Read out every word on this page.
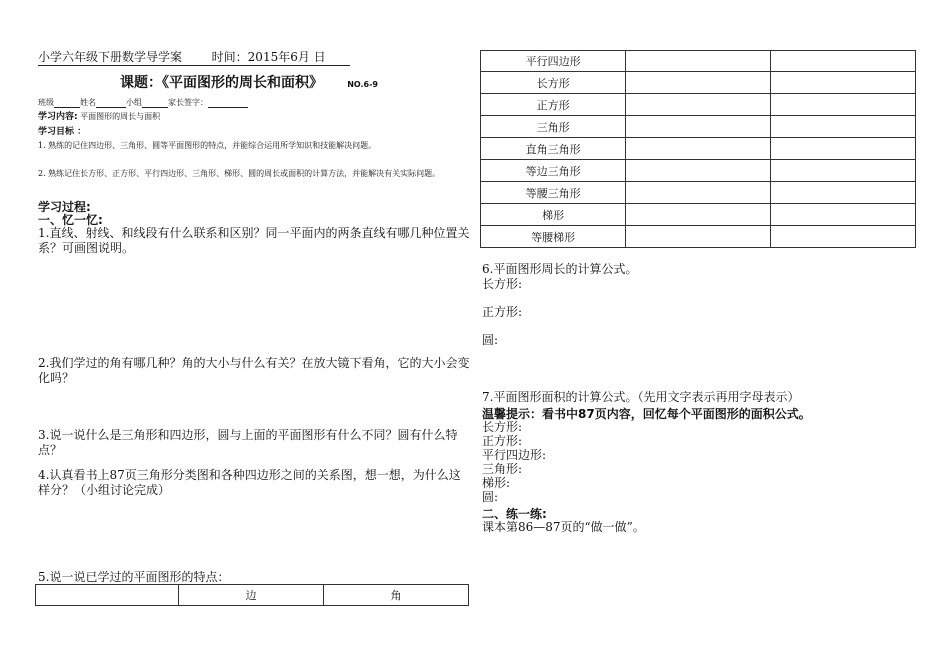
小学六年级下册数学导学案 时间：2015年6月 日
课题：《平面图形的周长和面积》	NO.6-9
班级	姓名	小组	家长签字：
学习内容: 平面图形的周长与面积
学习目标 ：
1. 熟练的记住四边形、三角形、圆等平面图形的特点，并能综合运用所学知识和技能解决问题。
2. 熟练记住长方形、正方形、平行四边形、三角形、梯形、圆的周长或面积的计算方法，并能解决有关实际问题。
学习过程:
一、忆一忆:
1.直线、射线、和线段有什么联系和区别？同一平面内的两条直线有哪几种位置关系？可画图说明。
2.我们学过的角有哪几种？角的大小与什么有关？在放大镜下看角，它的大小会变化吗？
3.说一说什么是三角形和四边形，圆与上面的平面图形有什么不同？圆有什么特点？
4.认真看书上87页三角形分类图和各种四边形之间的关系图，想一想，为什么这样分？（小组讨论完成）
5.说一说已学过的平面图形的特点：
	边	角
平行四边形		
长方形		
正方形		
三角形		
直角三角形		
等边三角形		
等腰三角形		
梯形		
等腰梯形		
6.平面图形周长的计算公式。
长方形:
正方形:
圆:
7.平面图形面积的计算公式。（先用文字表示再用字母表示）
温馨提示：看书中87页内容，回忆每个平面图形的面积公式。
长方形:
正方形:
平行四边形:
三角形:
梯形:
圆:
二、练一练:
课本第86—87页的“做一做”。
